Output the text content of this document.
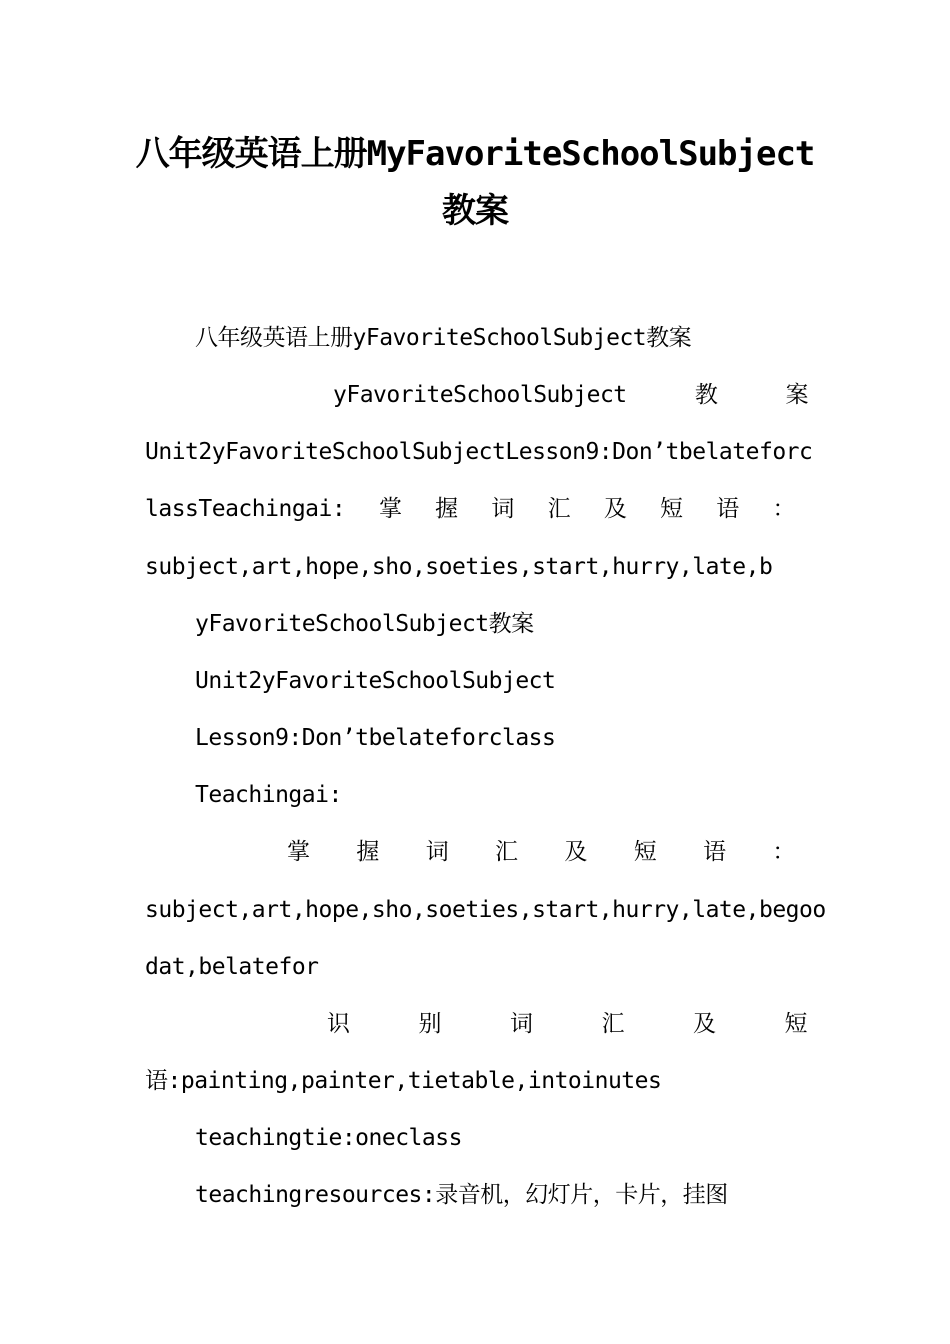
八年级英语上册MyFavoriteSchoolSubject
教案
八年级英语上册yFavoriteSchoolSubject教案
yFavoriteSchoolSubject	教	案
Unit2yFavoriteSchoolSubjectLesson9:Don’tbelateforc
lassTeachingai: 掌 握 词 汇 及 短 语 ：
subject,art,hope,sho,soeties,start,hurry,late,b
yFavoriteSchoolSubject教案
Unit2yFavoriteSchoolSubject
Lesson9:Don’tbelateforclass
Teachingai:
掌 握 词 汇 及 短 语 ：
subject,art,hope,sho,soeties,start,hurry,late,begoo
dat,belatefor
识	别	词	汇	及	短
语:painting,painter,tietable,intoinutes
teachingtie:oneclass
teachingresources:录音机，幻灯片，卡片，挂图
